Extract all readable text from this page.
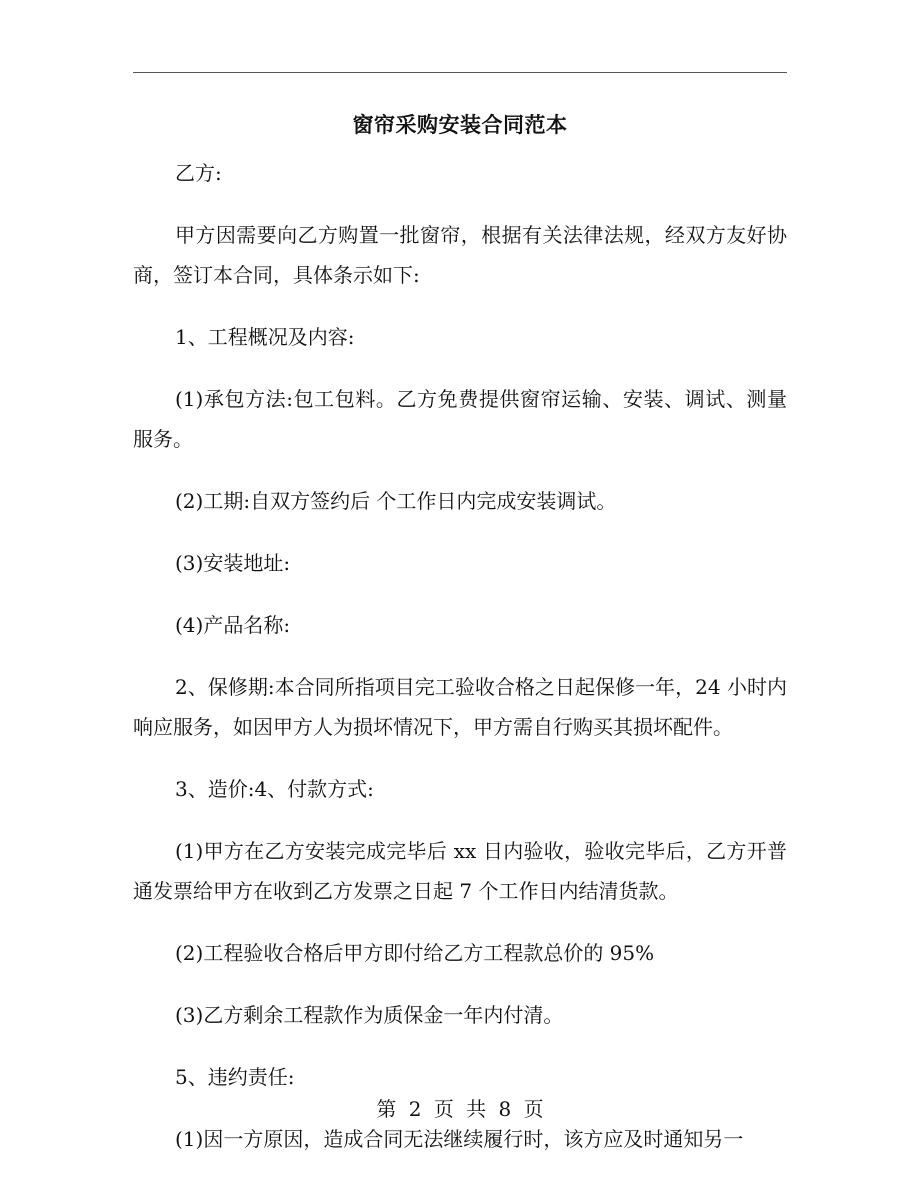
窗帘采购安装合同范本

乙方:

甲方因需要向乙方购置一批窗帘，根据有关法律法规，经双方友好协商，签订本合同，具体条示如下:

1、工程概况及内容:

(1)承包方法:包工包料。乙方免费提供窗帘运输、安装、调试、测量服务。

(2)工期:自双方签约后 个工作日内完成安装调试。

(3)安装地址:

(4)产品名称:

2、保修期:本合同所指项目完工验收合格之日起保修一年，24 小时内响应服务，如因甲方人为损坏情况下，甲方需自行购买其损坏配件。

3、造价:4、付款方式:

(1)甲方在乙方安装完成完毕后 xx 日内验收，验收完毕后，乙方开普通发票给甲方在收到乙方发票之日起 7 个工作日内结清货款。

(2)工程验收合格后甲方即付给乙方工程款总价的 95%

(3)乙方剩余工程款作为质保金一年内付清。

5、违约责任:

(1)因一方原因，造成合同无法继续履行时，该方应及时通知另一

第 2 页 共 8 页
